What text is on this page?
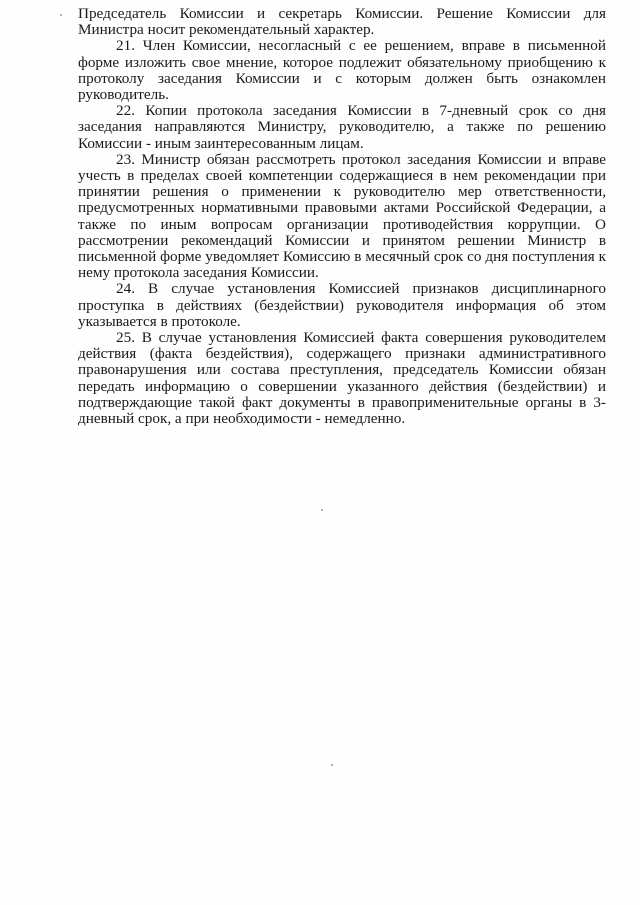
Председатель Комиссии и секретарь Комиссии. Решение Комиссии для Министра носит рекомендательный характер.

21. Член Комиссии, несогласный с ее решением, вправе в письменной форме изложить свое мнение, которое подлежит обязательному приобщению к протоколу заседания Комиссии и с которым должен быть ознакомлен руководитель.

22. Копии протокола заседания Комиссии в 7-дневный срок со дня заседания направляются Министру, руководителю, а также по решению Комиссии - иным заинтересованным лицам.

23. Министр обязан рассмотреть протокол заседания Комиссии и вправе учесть в пределах своей компетенции содержащиеся в нем рекомендации при принятии решения о применении к руководителю мер ответственности, предусмотренных нормативными правовыми актами Российской Федерации, а также по иным вопросам организации противодействия коррупции. О рассмотрении рекомендаций Комиссии и принятом решении Министр в письменной форме уведомляет Комиссию в месячный срок со дня поступления к нему протокола заседания Комиссии.

24. В случае установления Комиссией признаков дисциплинарного проступка в действиях (бездействии) руководителя информация об этом указывается в протоколе.

25. В случае установления Комиссией факта совершения руководителем действия (факта бездействия), содержащего признаки административного правонарушения или состава преступления, председатель Комиссии обязан передать информацию о совершении указанного действия (бездействии) и подтверждающие такой факт документы в правоприменительные органы в 3-дневный срок, а при необходимости - немедленно.
